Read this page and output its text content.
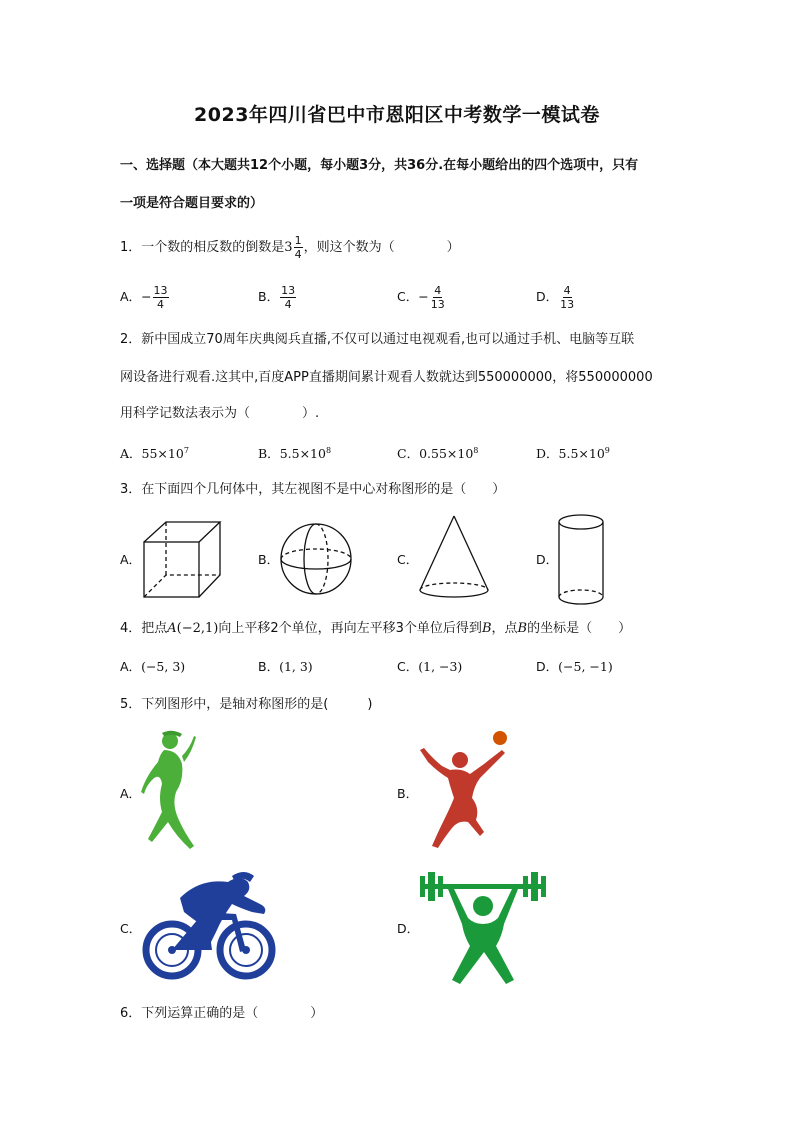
2023年四川省巴中市恩阳区中考数学一模试卷
一、选择题（本大题共12个小题，每小题3分，共36分.在每小题给出的四个选项中，只有
一项是符合题目要求的）
1．一个数的相反数的倒数是$3 \frac{1}{4}$ ，则这个数为（　　　　）
A．− $\frac{13}{4}$	B． $\frac{13}{4}$	C．− $\frac{4}{13}$	D． $\frac{4}{13}$
2．新中国成立70周年庆典阅兵直播,不仅可以通过电视观看,也可以通过手机、电脑等互联
网设备进行观看.这其中,百度APP直播期间累计观看人数就达到550000000，将550000000
用科学记数法表示为（　　　　）.
A．$55\times 10^7$	B．$5.5\times 10^8$	C．$0.55\times 10^8$	D．$5.5\times 10^9$
3．在下面四个几何体中，其左视图不是中心对称图形的是（　　）
A．	B．	C．	D．
4．把点A(−2,1)向上平移2个单位，再向左平移3个单位后得到B，点B的坐标是（　　）
A．(−5, 3)	B．(1, 3)	C．(1, −3)	D．(−5, −1)
5．下列图形中，是轴对称图形的是(　　　)
A．	B．
C．	D．
6．下列运算正确的是（　　　　）
